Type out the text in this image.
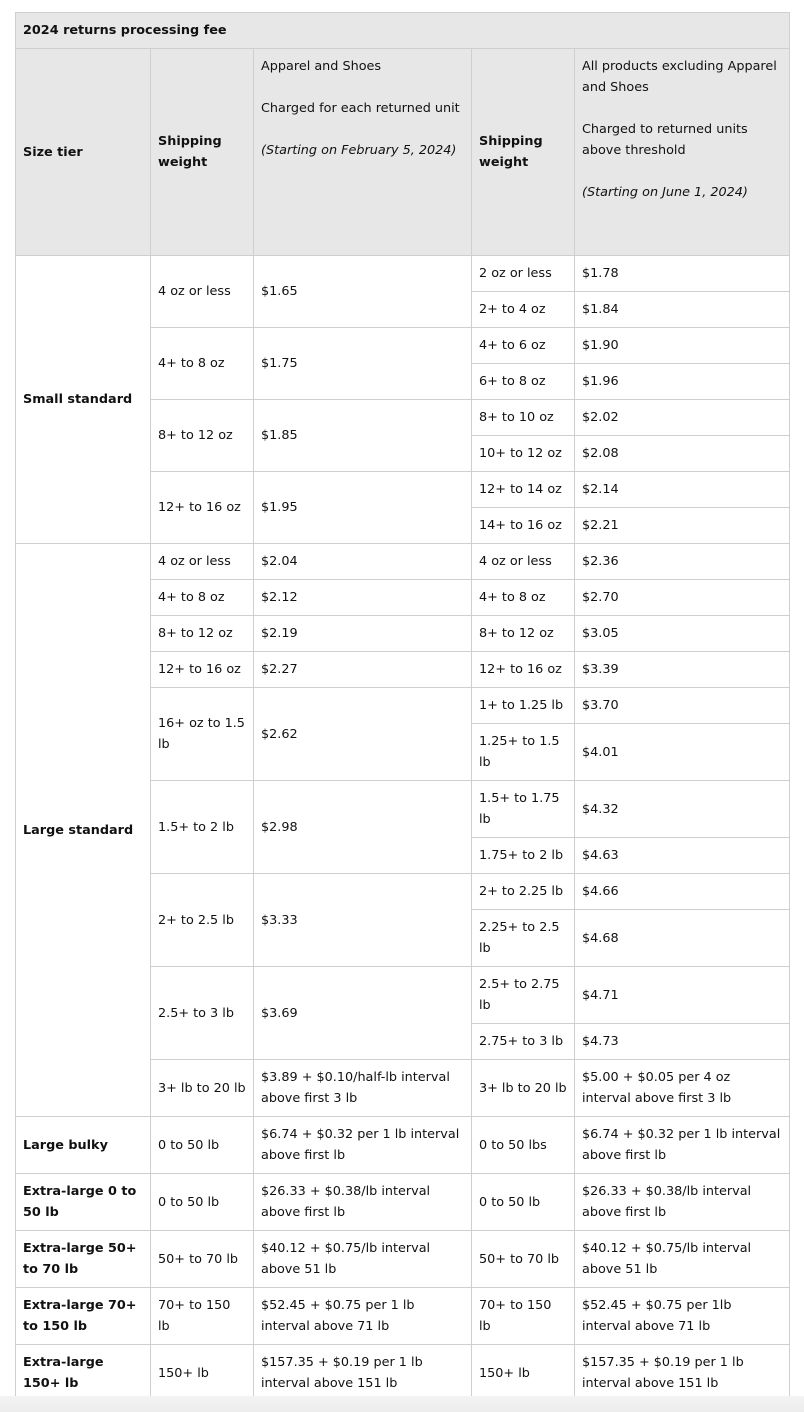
2024 returns processing fee				
Size tier	Shipping weight	Apparel and Shoes
Charged for each returned unit
(Starting on February 5, 2024)	Shipping weight	All products excluding Apparel and Shoes
Charged to returned units above threshold
(Starting on June 1, 2024)
Small standard	4 oz or less	$1.65	2 oz or less	$1.78
			2+ to 4 oz	$1.84
	4+ to 8 oz	$1.75	4+ to 6 oz	$1.90
			6+ to 8 oz	$1.96
	8+ to 12 oz	$1.85	8+ to 10 oz	$2.02
			10+ to 12 oz	$2.08
	12+ to 16 oz	$1.95	12+ to 14 oz	$2.14
			14+ to 16 oz	$2.21
Large standard	4 oz or less	$2.04	4 oz or less	$2.36
	4+ to 8 oz	$2.12	4+ to 8 oz	$2.70
	8+ to 12 oz	$2.19	8+ to 12 oz	$3.05
	12+ to 16 oz	$2.27	12+ to 16 oz	$3.39
	16+ oz to 1.5 lb	$2.62	1+ to 1.25 lb	$3.70
			1.25+ to 1.5 lb	$4.01
	1.5+ to 2 lb	$2.98	1.5+ to 1.75 lb	$4.32
			1.75+ to 2 lb	$4.63
	2+ to 2.5 lb	$3.33	2+ to 2.25 lb	$4.66
			2.25+ to 2.5 lb	$4.68
	2.5+ to 3 lb	$3.69	2.5+ to 2.75 lb	$4.71
			2.75+ to 3 lb	$4.73
	3+ lb to 20 lb	$3.89 + $0.10/half-lb interval above first 3 lb	3+ lb to 20 lb	$5.00 + $0.05 per 4 oz interval above first 3 lb
Large bulky	0 to 50 lb	$6.74 + $0.32 per 1 lb interval above first lb	0 to 50 lbs	$6.74 + $0.32 per 1 lb interval above first lb
Extra-large 0 to 50 lb	0 to 50 lb	$26.33 + $0.38/lb interval above first lb	0 to 50 lb	$26.33 + $0.38/lb interval above first lb
Extra-large 50+ to 70 lb	50+ to 70 lb	$40.12 + $0.75/lb interval above 51 lb	50+ to 70 lb	$40.12 + $0.75/lb interval above 51 lb
Extra-large 70+ to 150 lb	70+ to 150 lb	$52.45 + $0.75 per 1 lb interval above 71 lb	70+ to 150 lb	$52.45 + $0.75 per 1lb interval above 71 lb
Extra-large 150+ lb	150+ lb	$157.35 + $0.19 per 1 lb interval above 151 lb	150+ lb	$157.35 + $0.19 per 1 lb interval above 151 lb
